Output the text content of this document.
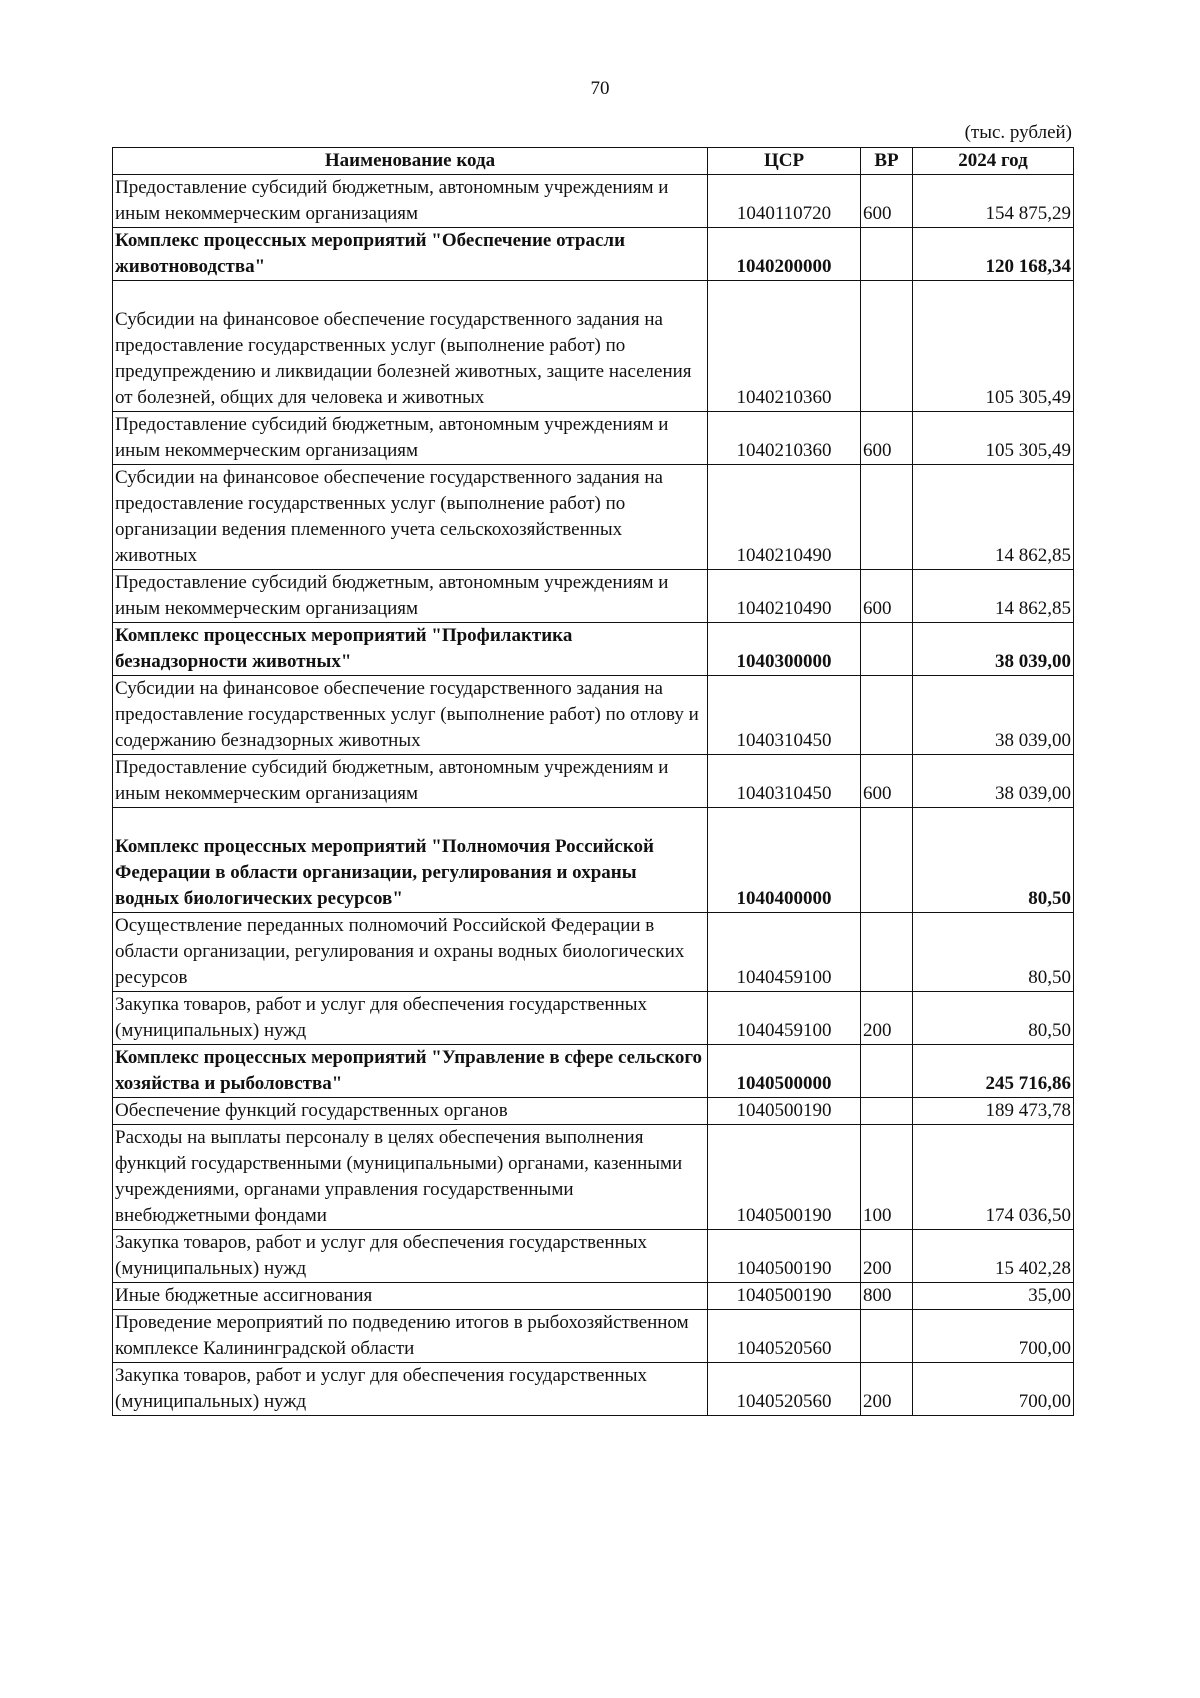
70
(тыс. рублей)
Наименование кода	ЦСР	ВР	2024 год
Предоставление субсидий бюджетным, автономным учреждениям и иным некоммерческим организациям	1040110720	600	154 875,29
Комплекс процессных мероприятий "Обеспечение отрасли животноводства"	1040200000		120 168,34
Субсидии на финансовое обеспечение государственного задания на предоставление государственных услуг (выполнение работ) по предупреждению и ликвидации болезней животных, защите населения от болезней, общих для человека и животных	1040210360		105 305,49
Предоставление субсидий бюджетным, автономным учреждениям и иным некоммерческим организациям	1040210360	600	105 305,49
Субсидии на финансовое обеспечение государственного задания на предоставление государственных услуг (выполнение работ) по организации ведения племенного учета сельскохозяйственных животных	1040210490		14 862,85
Предоставление субсидий бюджетным, автономным учреждениям и иным некоммерческим организациям	1040210490	600	14 862,85
Комплекс процессных мероприятий "Профилактика безнадзорности животных"	1040300000		38 039,00
Субсидии на финансовое обеспечение государственного задания на предоставление государственных услуг (выполнение работ) по отлову и содержанию безнадзорных животных	1040310450		38 039,00
Предоставление субсидий бюджетным, автономным учреждениям и иным некоммерческим организациям	1040310450	600	38 039,00
Комплекс процессных мероприятий "Полномочия Российской Федерации в области организации, регулирования и охраны водных биологических ресурсов"	1040400000		80,50
Осуществление переданных полномочий Российской Федерации в области организации, регулирования и охраны водных биологических ресурсов	1040459100		80,50
Закупка товаров, работ и услуг для обеспечения государственных (муниципальных) нужд	1040459100	200	80,50
Комплекс процессных мероприятий "Управление в сфере сельского хозяйства и рыболовства"	1040500000		245 716,86
Обеспечение функций государственных органов	1040500190		189 473,78
Расходы на выплаты персоналу в целях обеспечения выполнения функций государственными (муниципальными) органами, казенными учреждениями, органами управления государственными внебюджетными фондами	1040500190	100	174 036,50
Закупка товаров, работ и услуг для обеспечения государственных (муниципальных) нужд	1040500190	200	15 402,28
Иные бюджетные ассигнования	1040500190	800	35,00
Проведение мероприятий по подведению итогов в рыбохозяйственном комплексе Калининградской области	1040520560		700,00
Закупка товаров, работ и услуг для обеспечения государственных (муниципальных) нужд	1040520560	200	700,00
